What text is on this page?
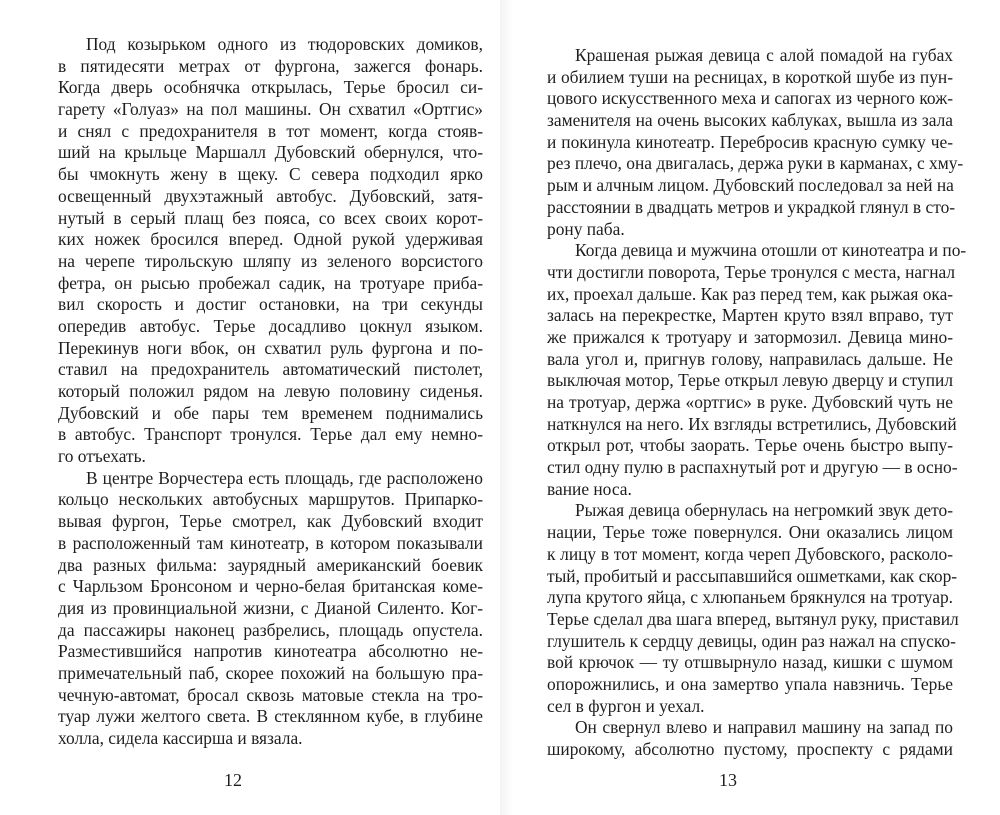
Под козырьком одного из тюдоровских домиков,
в пятидесяти метрах от фургона, зажегся фонарь.
Когда дверь особнячка открылась, Терье бросил си-
гарету «Голуаз» на пол машины. Он схватил «Ортгис»
и снял с предохранителя в тот момент, когда стояв-
ший на крыльце Маршалл Дубовский обернулся, что-
бы чмокнуть жену в щеку. С севера подходил ярко
освещенный двухэтажный автобус. Дубовский, затя-
нутый в серый плащ без пояса, со всех своих корот-
ких ножек бросился вперед. Одной рукой удерживая
на черепе тирольскую шляпу из зеленого ворсистого
фетра, он рысью пробежал садик, на тротуаре приба-
вил скорость и достиг остановки, на три секунды
опередив автобус. Терье досадливо цокнул языком.
Перекинув ноги вбок, он схватил руль фургона и по-
ставил на предохранитель автоматический пистолет,
который положил рядом на левую половину сиденья.
Дубовский и обе пары тем временем поднимались
в автобус. Транспорт тронулся. Терье дал ему немно-
го отъехать.
В центре Ворчестера есть площадь, где расположено
кольцо нескольких автобусных маршрутов. Припарко-
вывая фургон, Терье смотрел, как Дубовский входит
в расположенный там кинотеатр, в котором показывали
два разных фильма: заурядный американский боевик
с Чарльзом Бронсоном и черно-белая британская коме-
дия из провинциальной жизни, с Дианой Силенто. Ког-
да пассажиры наконец разбрелись, площадь опустела.
Разместившийся напротив кинотеатра абсолютно не-
примечательный паб, скорее похожий на большую пра-
чечную-автомат, бросал сквозь матовые стекла на тро-
туар лужи желтого света. В стеклянном кубе, в глубине
холла, сидела кассирша и вязала.
12
Крашеная рыжая девица с алой помадой на губах
и обилием туши на ресницах, в короткой шубе из пун-
цового искусственного меха и сапогах из черного кож-
заменителя на очень высоких каблуках, вышла из зала
и покинула кинотеатр. Перебросив красную сумку че-
рез плечо, она двигалась, держа руки в карманах, с хму-
рым и алчным лицом. Дубовский последовал за ней на
расстоянии в двадцать метров и украдкой глянул в сто-
рону паба.
Когда девица и мужчина отошли от кинотеатра и по-
чти достигли поворота, Терье тронулся с места, нагнал
их, проехал дальше. Как раз перед тем, как рыжая ока-
залась на перекрестке, Мартен круто взял вправо, тут
же прижался к тротуару и затормозил. Девица мино-
вала угол и, пригнув голову, направилась дальше. Не
выключая мотор, Терье открыл левую дверцу и ступил
на тротуар, держа «ортгис» в руке. Дубовский чуть не
наткнулся на него. Их взгляды встретились, Дубовский
открыл рот, чтобы заорать. Терье очень быстро выпу-
стил одну пулю в распахнутый рот и другую — в осно-
вание носа.
Рыжая девица обернулась на негромкий звук дето-
нации, Терье тоже повернулся. Они оказались лицом
к лицу в тот момент, когда череп Дубовского, расколо-
тый, пробитый и рассыпавшийся ошметками, как скор-
лупа крутого яйца, с хлюпаньем брякнулся на тротуар.
Терье сделал два шага вперед, вытянул руку, приставил
глушитель к сердцу девицы, один раз нажал на спуско-
вой крючок — ту отшвырнуло назад, кишки с шумом
опорожнились, и она замертво упала навзничь. Терье
сел в фургон и уехал.
Он свернул влево и направил машину на запад по
широкому, абсолютно пустому, проспекту с рядами
13
